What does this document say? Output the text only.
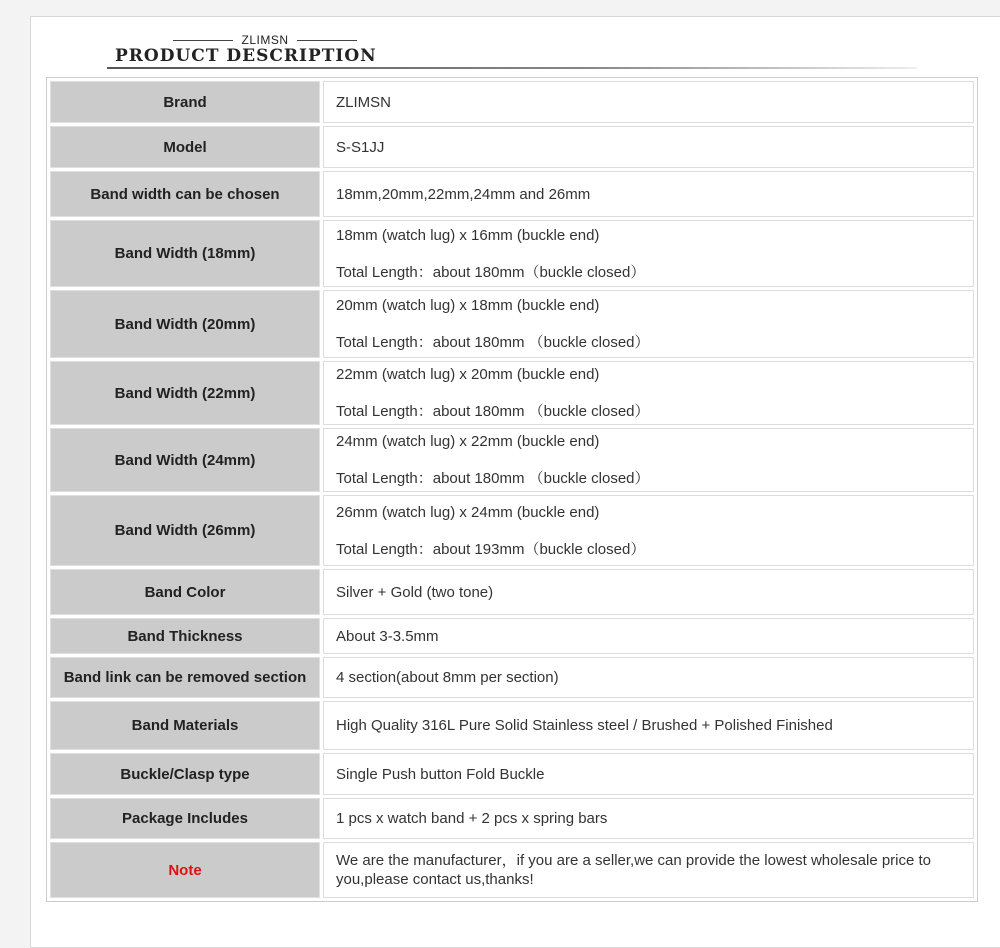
ZLIMSN
PRODUCT DESCRIPTION
Brand	ZLIMSN

Model	S-S1JJ

Band width can be chosen	18mm,20mm,22mm,24mm and 26mm

Band Width (18mm)	18mm (watch lug) x 16mm (buckle end)
Total Length：about 180mm（buckle closed）

Band Width (20mm)	20mm (watch lug) x 18mm (buckle end)
Total Length：about 180mm （buckle closed）

Band Width (22mm)	22mm (watch lug) x 20mm (buckle end)
Total Length：about 180mm （buckle closed）

Band Width (24mm)	24mm (watch lug) x 22mm (buckle end)
Total Length：about 180mm （buckle closed）

Band Width (26mm)	26mm (watch lug) x 24mm (buckle end)
Total Length：about 193mm（buckle closed）

Band Color	Silver + Gold (two tone)

Band Thickness	About 3-3.5mm

Band link can be removed section	4 section(about 8mm per section)

Band Materials	High Quality 316L Pure Solid Stainless steel / Brushed + Polished Finished

Buckle/Clasp type	Single Push button Fold Buckle

Package Includes	1 pcs x watch band + 2 pcs x spring bars

Note	We are the manufacturer，if you are a seller,we can provide the lowest wholesale price to you,please contact us,thanks!
